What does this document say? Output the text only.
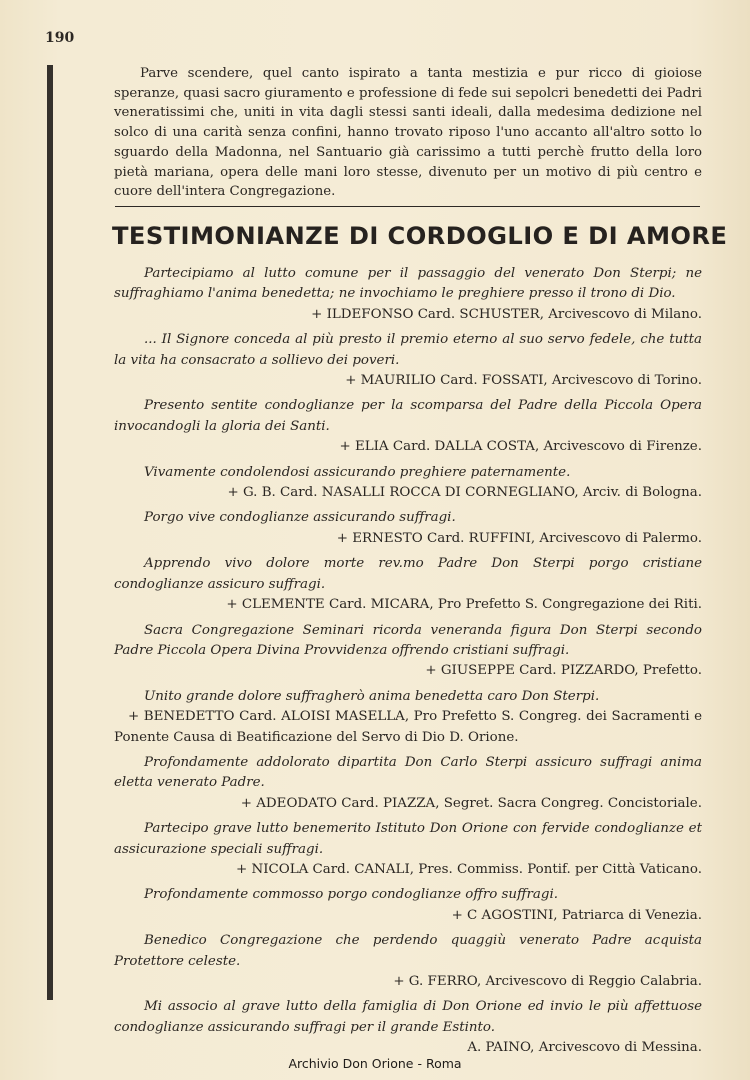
190

Parve scendere, quel canto ispirato a tanta mestizia e pur ricco di gioiose speranze, quasi sacro giuramento e professione di fede sui sepolcri benedetti dei Padri veneratissimi che, uniti in vita dagli stessi santi ideali, dalla medesima dedizione nel solco di una carità senza confini, hanno trovato riposo l'uno accanto all'altro sotto lo sguardo della Madonna, nel Santuario già carissimo a tutti perchè frutto della loro pietà mariana, opera delle mani loro stesse, divenuto per un motivo di più centro e cuore dell'intera Congregazione.

TESTIMONIANZE DI CORDOGLIO E DI AMORE

Partecipiamo al lutto comune per il passaggio del venerato Don Sterpi; ne suffraghiamo l'anima benedetta; ne invochiamo le preghiere presso il trono di Dio.

+ ILDEFONSO Card. SCHUSTER, Arcivescovo di Milano.

... Il Signore conceda al più presto il premio eterno al suo servo fedele, che tutta la vita ha consacrato a sollievo dei poveri.

+ MAURILIO Card. FOSSATI, Arcivescovo di Torino.

Presento sentite condoglianze per la scomparsa del Padre della Piccola Opera invocandogli la gloria dei Santi.

+ ELIA Card. DALLA COSTA, Arcivescovo di Firenze.

Vivamente condolendosi assicurando preghiere paternamente.

+ G. B. Card. NASALLI ROCCA DI CORNEGLIANO, Arciv. di Bologna.

Porgo vive condoglianze assicurando suffragi.

+ ERNESTO Card. RUFFINI, Arcivescovo di Palermo.

Apprendo vivo dolore morte rev.mo Padre Don Sterpi porgo cristiane condoglianze assicuro suffragi.

+ CLEMENTE Card. MICARA, Pro Prefetto S. Congregazione dei Riti.

Sacra Congregazione Seminari ricorda veneranda figura Don Sterpi secondo Padre Piccola Opera Divina Provvidenza offrendo cristiani suffragi.

+ GIUSEPPE Card. PIZZARDO, Prefetto.

Unito grande dolore suffragherò anima benedetta caro Don Sterpi.

+ BENEDETTO Card. ALOISI MASELLA, Pro Prefetto S. Congreg. dei Sacramenti e Ponente Causa di Beatificazione del Servo di Dio D. Orione.

Profondamente addolorato dipartita Don Carlo Sterpi assicuro suffragi anima eletta venerato Padre.

+ ADEODATO Card. PIAZZA, Segret. Sacra Congreg. Concistoriale.

Partecipo grave lutto benemerito Istituto Don Orione con fervide condoglianze et assicurazione speciali suffragi.

+ NICOLA Card. CANALI, Pres. Commiss. Pontif. per Città Vaticano.

Profondamente commosso porgo condoglianze offro suffragi.

+ C AGOSTINI, Patriarca di Venezia.

Benedico Congregazione che perdendo quaggiù venerato Padre acquista Protettore celeste.

+ G. FERRO, Arcivescovo di Reggio Calabria.

Mi associo al grave lutto della famiglia di Don Orione ed invio le più affettuose condoglianze assicurando suffragi per il grande Estinto.

A. PAINO, Arcivescovo di Messina.

Archivio Don Orione - Roma
